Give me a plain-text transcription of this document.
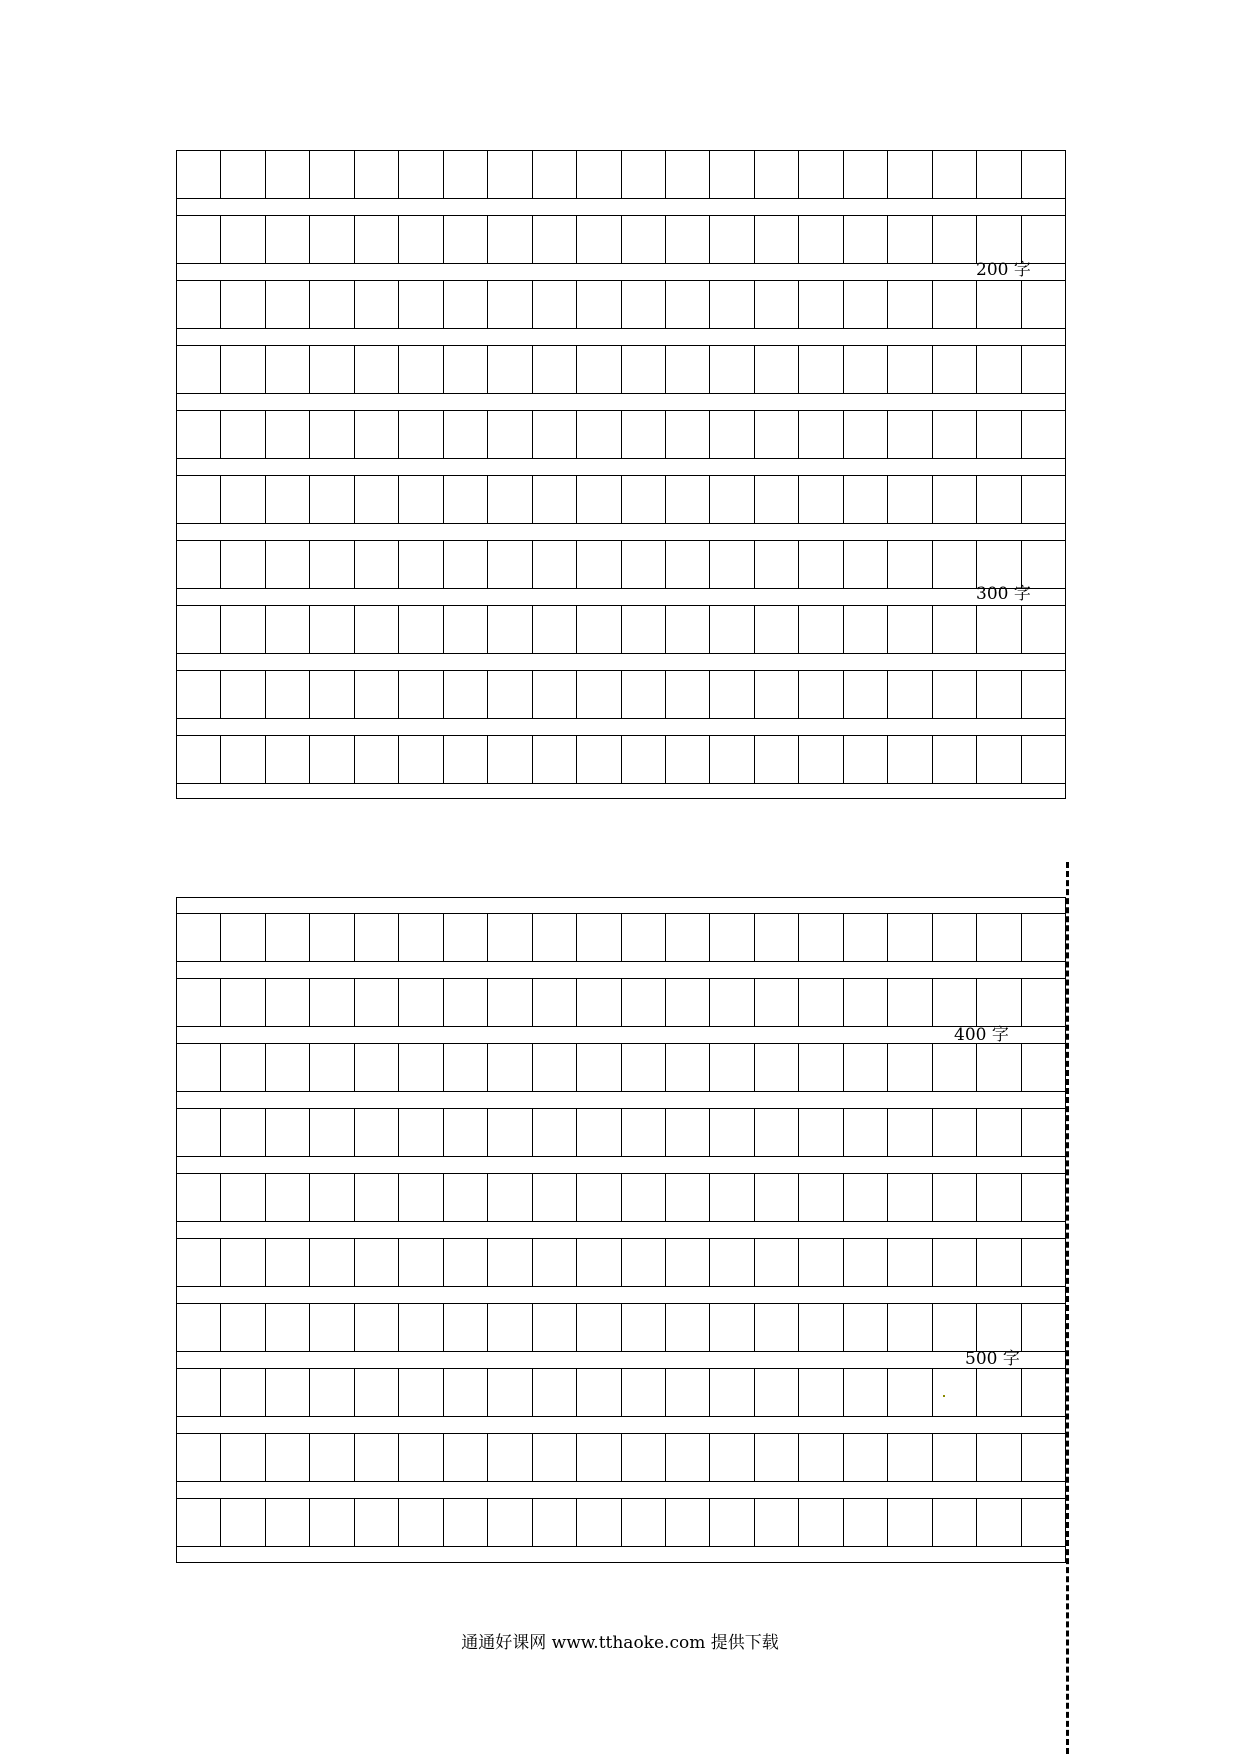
200 字
300 字
400 字
500 字
通通好课网 www.tthaoke.com 提供下载
